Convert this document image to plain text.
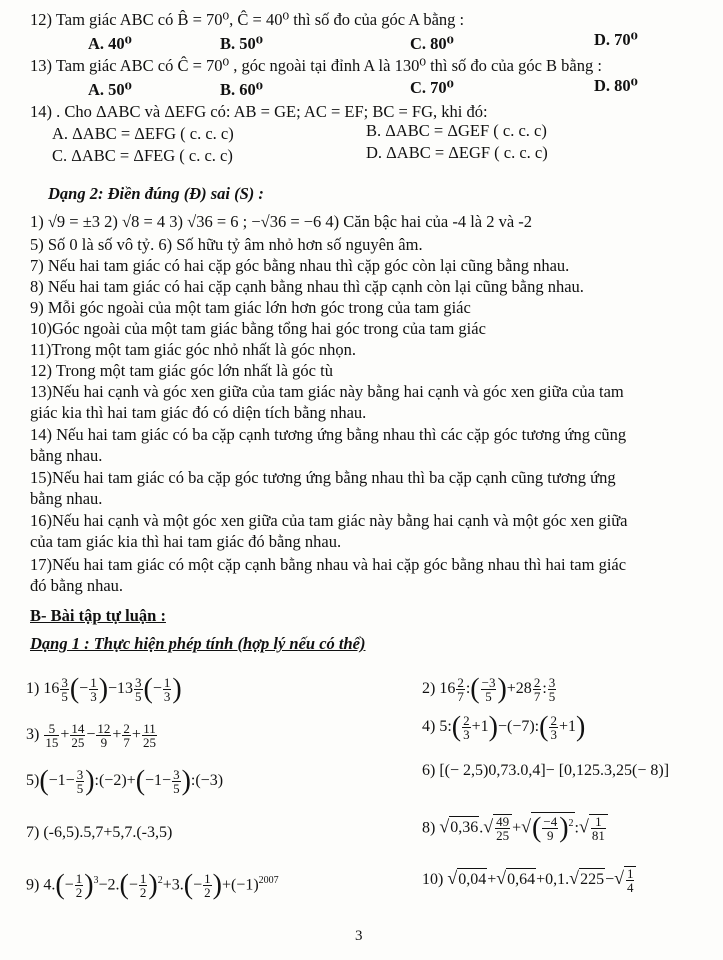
12) Tam giác ABC có B̂ = 70⁰, Ĉ = 40⁰ thì số đo của góc A bằng :
A. 40⁰	B. 50⁰	C. 80⁰	D. 70⁰
13) Tam giác ABC có Ĉ = 70⁰ , góc ngoài tại đỉnh A là 130⁰ thì số đo của góc B bằng :
A. 50⁰	B. 60⁰	C. 70⁰	D. 80⁰
14) . Cho ΔABC và ΔEFG có: AB = GE; AC = EF; BC = FG, khi đó:
A. ΔABC = ΔEFG ( c. c. c)	B. ΔABC = ΔGEF ( c. c. c)
C. ΔABC = ΔFEG ( c. c. c)	D. ΔABC = ΔEGF ( c. c. c)
Dạng 2: Điền đúng (Đ) sai (S) :
1) √9 = ±3 2) √8 = 4 3) √36 = 6 ; −√36 = −6 4) Căn bậc hai của -4 là 2 và -2
5) Số 0 là số vô tỷ. 6) Số hữu tỷ âm nhỏ hơn số nguyên âm.
7) Nếu hai tam giác có hai cặp góc bằng nhau thì cặp góc còn lại cũng bằng nhau.
8) Nếu hai tam giác có hai cặp cạnh bằng nhau thì cặp cạnh còn lại cũng bằng nhau.
9) Mỗi góc ngoài của một tam giác lớn hơn góc trong của tam giác
10)Góc ngoài của một tam giác bằng tổng hai góc trong của tam giác
11)Trong một tam giác góc nhỏ nhất là góc nhọn.
12) Trong một tam giác góc lớn nhất là góc tù
13)Nếu hai cạnh và góc xen giữa của tam giác này bằng hai cạnh và góc xen giữa của tam
giác kia thì hai tam giác đó có diện tích bằng nhau.
14) Nếu hai tam giác có ba cặp cạnh tương ứng bằng nhau thì các cặp góc tương ứng cũng
bằng nhau.
15)Nếu hai tam giác có ba cặp góc tương ứng bằng nhau thì ba cặp cạnh cũng tương ứng
bằng nhau.
16)Nếu hai cạnh và một góc xen giữa của tam giác này bằng hai cạnh và một góc xen giữa
của tam giác kia thì hai tam giác đó bằng nhau.
17)Nếu hai tam giác có một cặp cạnh bằng nhau và hai cặp góc bằng nhau thì hai tam giác
đó bằng nhau.
B- Bài tập tự luận :
Dạng 1 : Thực hiện phép tính (hợp lý nếu có thể)
1) $16 \frac{3}{5}$ (− $\frac{1}{3} )-13 \frac{3}{5}$ (− $\frac{1}{3}$ )	2) $16 \frac{2}{7}$ :( $\frac{-3}{5} )+28 \frac{2}{7}$ : $\frac{3}{5}$
$3) \frac{5}{15} + \frac{14}{25} - \frac{12}{9} + \frac{2}{7} + \frac{11}{25}$	4) 5:( $\frac{2}{3}$ +1)−(−7):( $\frac{2}{3} +1$)
$5)(-1- \frac{3}{5}$ ):(−2)+(−1− $\frac{3}{5}$ ):(−3)
6) [(− 2,5)0,73.0,4]− [0,125.3,25(− 8)]
7) (-6,5).5,7+5,7.(-3,5)	8) $√0,36.√ \frac{49}{25}$ +√( $\frac{-4}{9}$ )$^2$:√ $\frac{1}{81}$
9) $4.(- \frac{1}{2} )^3-2.(- \frac{1}{2} )^2+3.(- \frac{1}{2} )+(-1)^{2007}$	10) $√0,04+√0,64+0,1.√225-√ \frac{1}{4}$
3
